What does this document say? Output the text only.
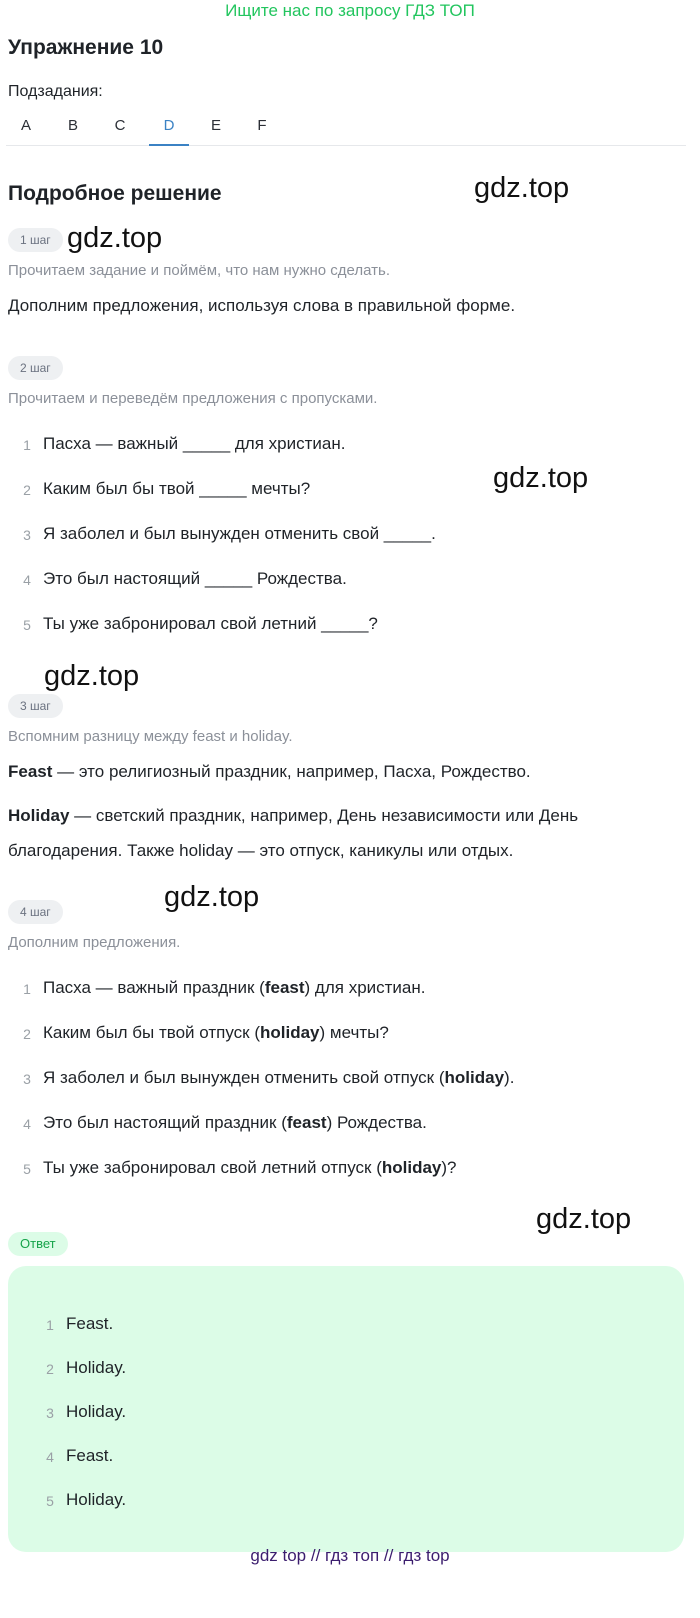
Ищите нас по запросу ГДЗ ТОП
Упражнение 10
Подзадания:
A	B	C	D	E	F
Подробное решение	gdz.top
gdz.top
gdz.top
gdz.top
gdz.top
gdz.top
1 шаг
Прочитаем задание и поймём, что нам нужно сделать.
Дополним предложения, используя слова в правильной форме.
2 шаг
Прочитаем и переведём предложения с пропусками.
1 Пасха — важный _____ для христиан.
2 Каким был бы твой _____ мечты?
3 Я заболел и был вынужден отменить свой _____.
4 Это был настоящий _____ Рождества.
5 Ты уже забронировал свой летний _____?
3 шаг
Вспомним разницу между feast и holiday.
Feast — это религиозный праздник, например, Пасха, Рождество.
Holiday — светский праздник, например, День независимости или День
благодарения. Также holiday — это отпуск, каникулы или отдых.
4 шаг
Дополним предложения.
1 Пасха — важный праздник (feast) для христиан.
2 Каким был бы твой отпуск (holiday) мечты?
3 Я заболел и был вынужден отменить свой отпуск (holiday).
4 Это был настоящий праздник (feast) Рождества.
5 Ты уже забронировал свой летний отпуск (holiday)?
Ответ
1 Feast.
2 Holiday.
3 Holiday.
4 Feast.
5 Holiday.
gdz top // гдз топ // гдз top
